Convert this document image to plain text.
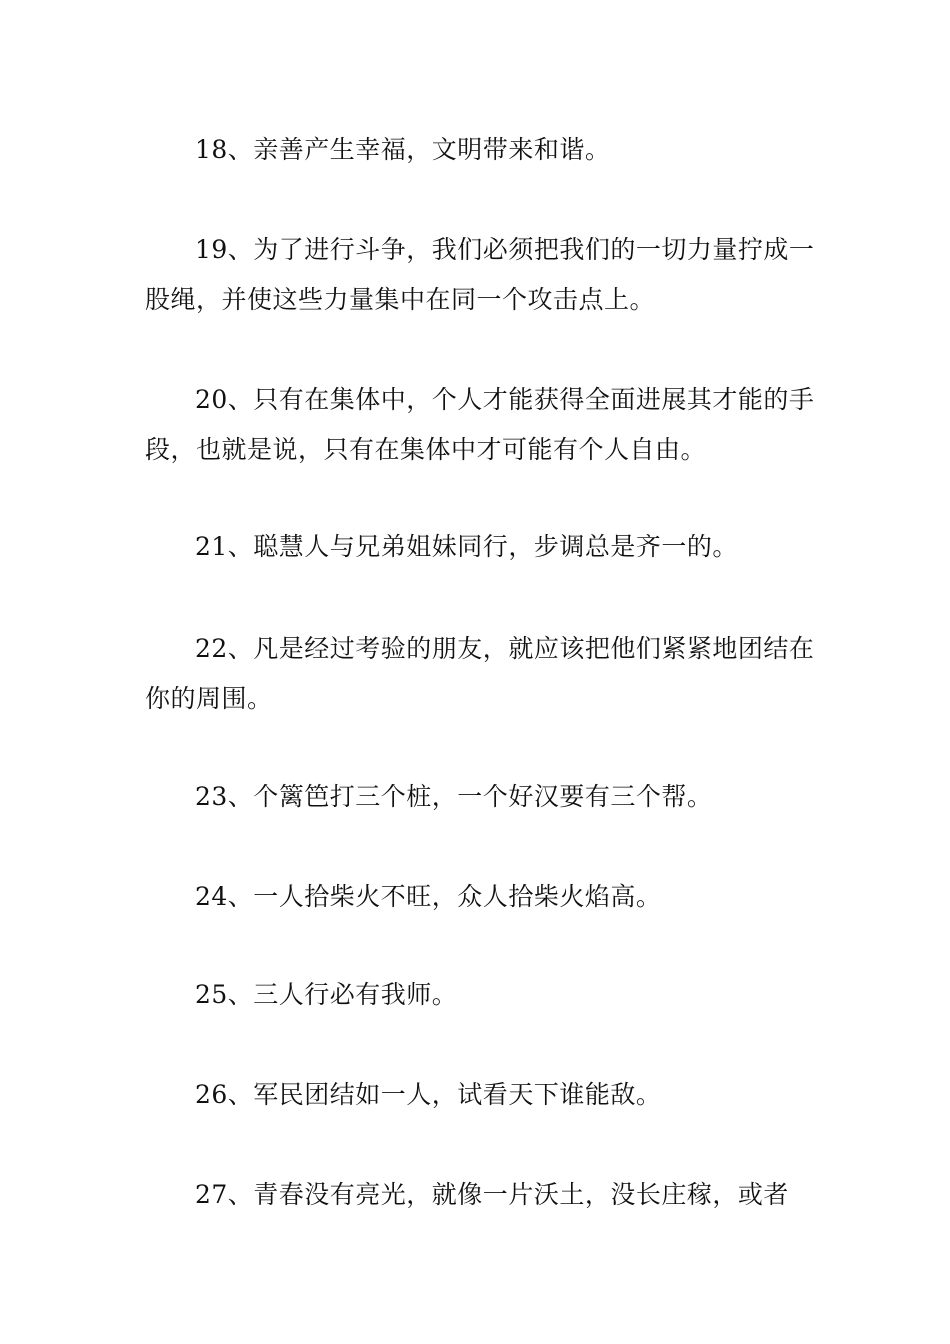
18、亲善产生幸福，文明带来和谐。

19、为了进行斗争，我们必须把我们的一切力量拧成一股绳，并使这些力量集中在同一个攻击点上。

20、只有在集体中，个人才能获得全面进展其才能的手段，也就是说，只有在集体中才可能有个人自由。

21、聪慧人与兄弟姐妹同行，步调总是齐一的。

22、凡是经过考验的朋友，就应该把他们紧紧地团结在你的周围。

23、个篱笆打三个桩，一个好汉要有三个帮。

24、一人拾柴火不旺，众人拾柴火焰高。

25、三人行必有我师。

26、军民团结如一人，试看天下谁能敌。

27、青春没有亮光，就像一片沃土，没长庄稼，或者
